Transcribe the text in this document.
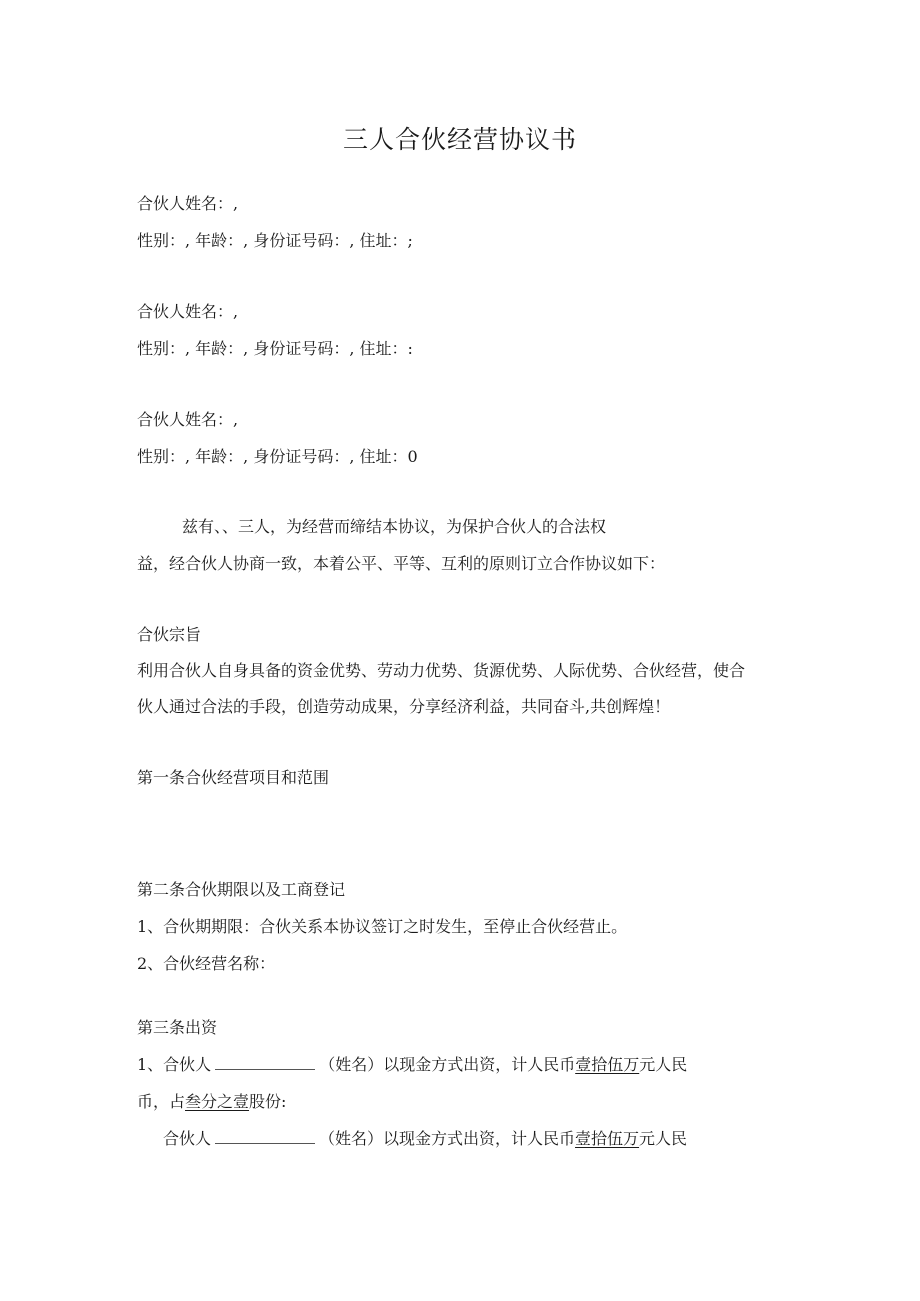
三人合伙经营协议书
合伙人姓名：,
性别：, 年龄：, 身份证号码：, 住址：;
合伙人姓名：,
性别：, 年龄：, 身份证号码：, 住址：:
合伙人姓名：,
性别：, 年龄：, 身份证号码：, 住址：0
兹有、、三人，为经营而缔结本协议，为保护合伙人的合法权
益，经合伙人协商一致，本着公平、平等、互利的原则订立合作协议如下：
合伙宗旨
利用合伙人自身具备的资金优势、劳动力优势、货源优势、人际优势、合伙经营，使合
伙人通过合法的手段，创造劳动成果，分享经济利益，共同奋斗,共创辉煌！
第一条合伙经营项目和范围
第二条合伙期限以及工商登记
1、合伙期期限：合伙关系本协议签订之时发生，至停止合伙经营止。
2、合伙经营名称：
第三条出资
1、合伙人	（姓名）以现金方式出资，计人民币壹拾伍万元人民
币，占叁分之壹股份:
合伙人	（姓名）以现金方式出资，计人民币壹拾伍万元人民
